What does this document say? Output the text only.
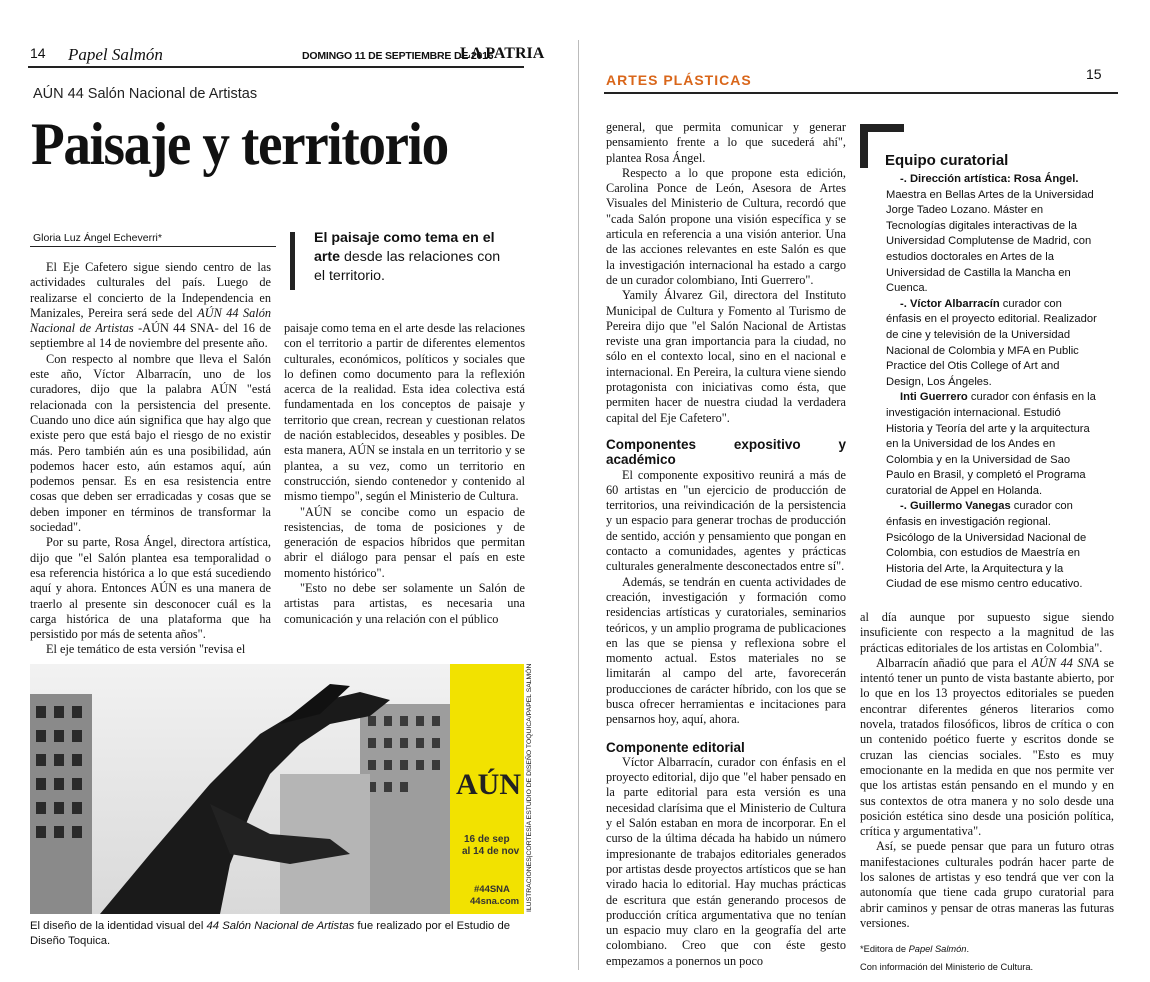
14 Papel Salmón	DOMINGO 11 DE SEPTIEMBRE DE 2016
LA PATRIA
AÚN 44 Salón Nacional de Artistas
Paisaje y territorio
Gloria Luz Ángel Echeverri*	El paisaje como tema en el arte desde las relaciones con el territorio.

El Eje Cafetero sigue siendo centro de las actividades culturales del país. Luego de realizarse el concierto de la Independencia en Manizales, Pereira será sede del AÚN 44 Salón Nacional de Artistas -AÚN 44 SNA- del 16 de septiembre al 14 de noviembre del presente año.

Con respecto al nombre que lleva el Salón este año, Víctor Albarracín, uno de los curadores, dijo que la palabra AÚN "está relacionada con la persistencia del presente. Cuando uno dice aún significa que hay algo que existe pero que está bajo el riesgo de no existir más. Pero también aún es una posibilidad, aún podemos hacer esto, aún estamos aquí, aún podemos pensar. Es en esa resistencia entre cosas que deben ser erradicadas y cosas que se deben imponer en términos de transformar la sociedad".

Por su parte, Rosa Ángel, directora artística, dijo que "el Salón plantea esa temporalidad o esa referencia histórica a lo que está sucediendo aquí y ahora. Entonces AÚN es una manera de traerlo al presente sin desconocer cuál es la carga histórica de una plataforma que ha persistido por más de setenta años".

El eje temático de esta versión "revisa el

paisaje como tema en el arte desde las relaciones con el territorio a partir de diferentes elementos culturales, económicos, políticos y sociales que lo definen como documento para la reflexión acerca de la realidad. Esta idea colectiva está fundamentada en los conceptos de paisaje y territorio que crean, recrean y cuestionan relatos de nación establecidos, deseables y posibles. De esta manera, AÚN se instala en un territorio y se plantea, a su vez, como un territorio en construcción, siendo contenedor y contenido al mismo tiempo", según el Ministerio de Cultura.

"AÚN se concibe como un espacio de resistencias, de toma de posiciones y de generación de espacios híbridos que permitan abrir el diálogo para pensar el país en este momento histórico".

"Esto no debe ser solamente un Salón de artistas para artistas, es necesaria una comunicación y una relación con el público

AÚN
16 de sep
al 14 de nov
#44SNA
44sna.com ILUSTRACIONES|CORTESÍA ESTUDIO DE DISEÑO TOQUICA/PAPEL SALMÓN
El diseño de la identidad visual del 44 Salón Nacional de Artistas fue realizado por el Estudio de Diseño Toquica.
ARTES PLÁSTICAS	15

general, que permita comunicar y generar pensamiento frente a lo que sucederá ahí", plantea Rosa Ángel.

Respecto a lo que propone esta edición, Carolina Ponce de León, Asesora de Artes Visuales del Ministerio de Cultura, recordó que "cada Salón propone una visión específica y se articula en referencia a una visión anterior. Una de las acciones relevantes en este Salón es que la investigación internacional ha estado a cargo de un curador colombiano, Inti Guerrero".

Yamily Álvarez Gil, directora del Instituto Municipal de Cultura y Fomento al Turismo de Pereira dijo que "el Salón Nacional de Artistas reviste una gran importancia para la ciudad, no sólo en el contexto local, sino en el nacional e internacional. En Pereira, la cultura viene siendo protagonista con iniciativas como ésta, que permiten hacer de nuestra ciudad la verdadera capital del Eje Cafetero".

Componentes expositivo y académico

El componente expositivo reunirá a más de 60 artistas en "un ejercicio de producción de territorios, una reivindicación de la persistencia y un espacio para generar trochas de producción de sentido, acción y pensamiento que pongan en contacto a comunidades, agentes y prácticas culturales generalmente desconectados entre sí".

Además, se tendrán en cuenta actividades de creación, investigación y formación como residencias artísticas y curatoriales, seminarios teóricos, y un amplio programa de publicaciones en las que se piensa y reflexiona sobre el momento actual. Estos materiales no se limitarán al campo del arte, favorecerán producciones de carácter híbrido, con los que se busca ofrecer herramientas e incitaciones para pensarnos hoy, aquí, ahora.

Componente editorial

Víctor Albarracín, curador con énfasis en el proyecto editorial, dijo que "el haber pensado en la parte editorial para esta versión es una necesidad clarísima que el Ministerio de Cultura y el Salón estaban en mora de incorporar. En el curso de la última década ha habido un número impresionante de trabajos editoriales generados por artistas desde proyectos artísticos que se han virado hacia lo editorial. Hay muchas prácticas de escritura que están generando procesos de producción crítica argumentativa que no tenían un espacio muy claro en la geografía del arte colombiano. Creo que con éste gesto empezamos a ponernos un poco

Equipo curatorial

-. Dirección artística: Rosa Ángel. Maestra en Bellas Artes de la Universidad Jorge Tadeo Lozano. Máster en Tecnologías digitales interactivas de la Universidad Complutense de Madrid, con estudios doctorales en Artes de la Universidad de Castilla la Mancha en Cuenca.

-. Víctor Albarracín curador con énfasis en el proyecto editorial. Realizador de cine y televisión de la Universidad Nacional de Colombia y MFA en Public Practice del Otis College of Art and Design, Los Ángeles.

Inti Guerrero curador con énfasis en la investigación internacional. Estudió Historia y Teoría del arte y la arquitectura en la Universidad de los Andes en Colombia y en la Universidad de Sao Paulo en Brasil, y completó el Programa curatorial de Appel en Holanda.

-. Guillermo Vanegas curador con énfasis en investigación regional. Psicólogo de la Universidad Nacional de Colombia, con estudios de Maestría en Historia del Arte, la Arquitectura y la Ciudad de ese mismo centro educativo.

al día aunque por supuesto sigue siendo insuficiente con respecto a la magnitud de las prácticas editoriales de los artistas en Colombia".

Albarracín añadió que para el AÚN 44 SNA se intentó tener un punto de vista bastante abierto, por lo que en los 13 proyectos editoriales se pueden encontrar diferentes géneros literarios como novela, tratados filosóficos, libros de crítica o con un contenido poético fuerte y escritos donde se cruzan las ciencias sociales. "Esto es muy emocionante en la medida en que nos permite ver que los artistas están pensando en el mundo y en sus contextos de otra manera y no solo desde una posición estética sino desde una posición política, crítica y argumentativa".

Así, se puede pensar que para un futuro otras manifestaciones culturales podrán hacer parte de los salones de artistas y eso tendrá que ver con la autonomía que tiene cada grupo curatorial para abrir caminos y pensar de otras maneras las futuras versiones.

*Editora de Papel Salmón.
Con información del Ministerio de Cultura.
